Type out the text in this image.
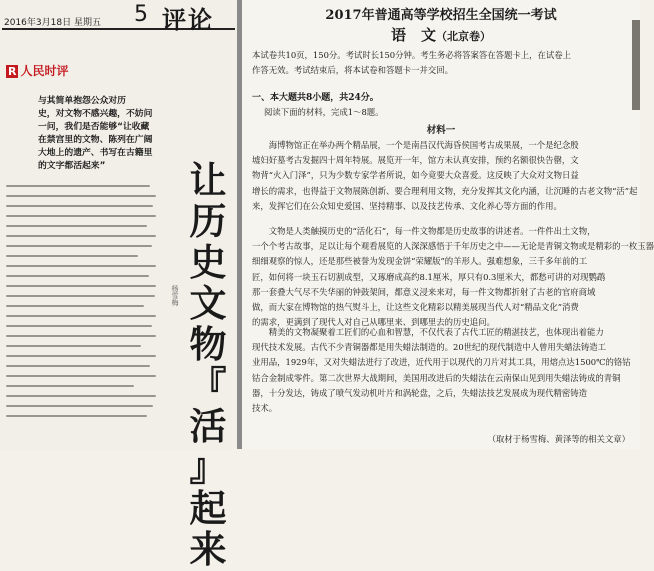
2016年3月18日 星期五 5 评论
R 人民时评
与其简单抱怨公众对历
史，对文物不感兴趣，不妨问
一问，我们是否能够“让收藏
在禁宫里的文物、陈列在广阔
大地上的遗产、书写在古籍里
的文字都活起来”
杨雪梅
让
历
史
文
物
『
活
』
起
来
2017年普通高等学校招生全国统一考试
语　文（北京卷）
本试卷共10页，150分。考试时长150分钟。考生务必将答案答在答题卡上，在试卷上
作答无效。考试结束后，将本试卷和答题卡一并交回。
一、本大题共8小题，共24分。
阅读下面的材料，完成1～8题。
材料一
　　海博物馆正在举办两个精品展，一个是南昌汉代海昏侯国考古成果展，一个是纪念殷
墟妇好墓考古发掘四十周年特展。展览开一年，馆方未认真安排，预约名额很快告罄，文
物背“火入门泽”，只为少数专家学者所说，如今竟要大众喜爱。这反映了大众对文物日益
增长的需求，也得益于文物展陈创新、要合理利用文物，充分发挥其文化内涵，让沉睡的古老文物“活”起
来，发挥它们在公众知史爱国、坚持精事、以及技艺传承、文化养心等方面的作用。
　　文物是人类触摸历史的“活化石”，每一件文物都是历史故事的讲述者。一件件出土文物，
一个个考古故事，足以让每个观看展览的人深深感悟于千年历史之中——无论是青铜文物或是精彩的一枚玉器
细细观察的惊人，还是那些被誉为发现金饼“荣耀版”的羊形人。强难想象，三千多年前的工
匠，如何将一块玉石切割成型，又琢磨成高约8.1厘米，厚只有0.3厘米大，都愁可讲的对现鹦鹉
那一套叠大气尽不失华丽的钟鼓架间，都意义浸来来对，每一件文物都折射了古老的官府商域
做，而大家在博物馆的热气熨斗上，让这些文化精彩以精美展现当代人对“精品文化”消费
的需求，更满到了现代人对自己从哪里来、到哪里去的历史追问。
　　精美的文物凝聚着工匠们的心血和智慧，不仅代表了古代工匠的精湛技艺，也体现出着能力
现代技术发展。古代不少青铜器都是用失蜡法制造的。20世纪的现代制造中人曾用失蜡法铸造工
业用品，1929年，又对失蜡法进行了改进，近代用于以现代的刀片对其工具，用熔点达1500℃的铬钴
钴合金制成零件。第二次世界大战期间，美国用改进后的失蜡法在云南保山见到用失蜡法铸成的青铜
器，十分发达，铸成了喷气发动机叶片和涡轮盘，之后，失蜡法技艺发展成为现代精密铸造
技术。
（取材于杨雪梅、黄泽等的相关文章）
